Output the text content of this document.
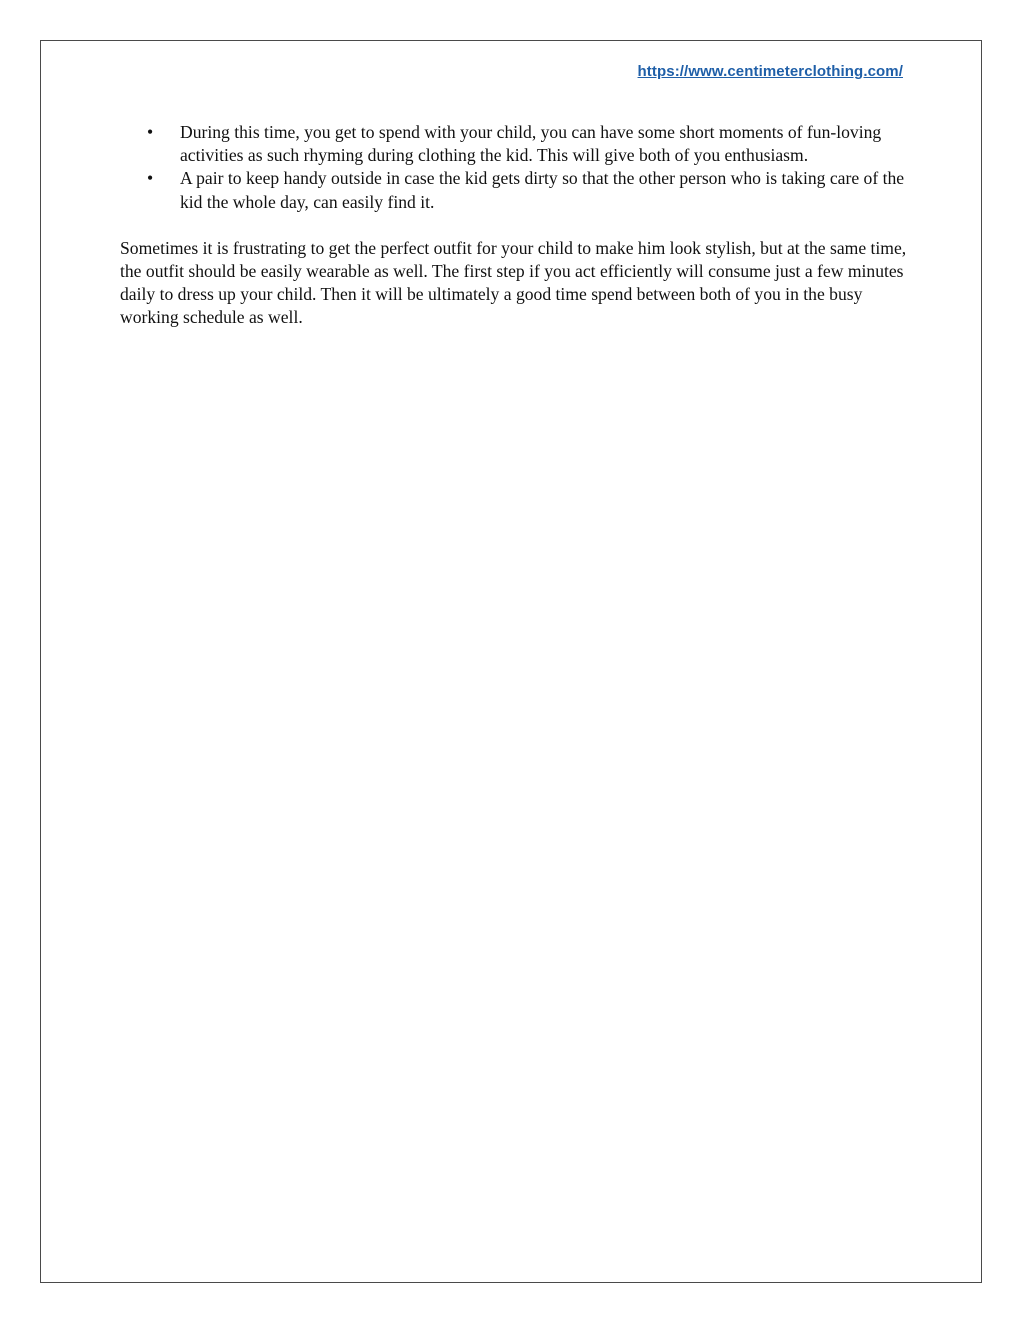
https://www.centimeterclothing.com/
• During this time, you get to spend with your child, you can have some short moments of fun-loving activities as such rhyming during clothing the kid. This will give both of you enthusiasm.
• A pair to keep handy outside in case the kid gets dirty so that the other person who is taking care of the kid the whole day, can easily find it.

Sometimes it is frustrating to get the perfect outfit for your child to make him look stylish, but at the same time, the outfit should be easily wearable as well. The first step if you act efficiently will consume just a few minutes daily to dress up your child. Then it will be ultimately a good time spend between both of you in the busy working schedule as well.
